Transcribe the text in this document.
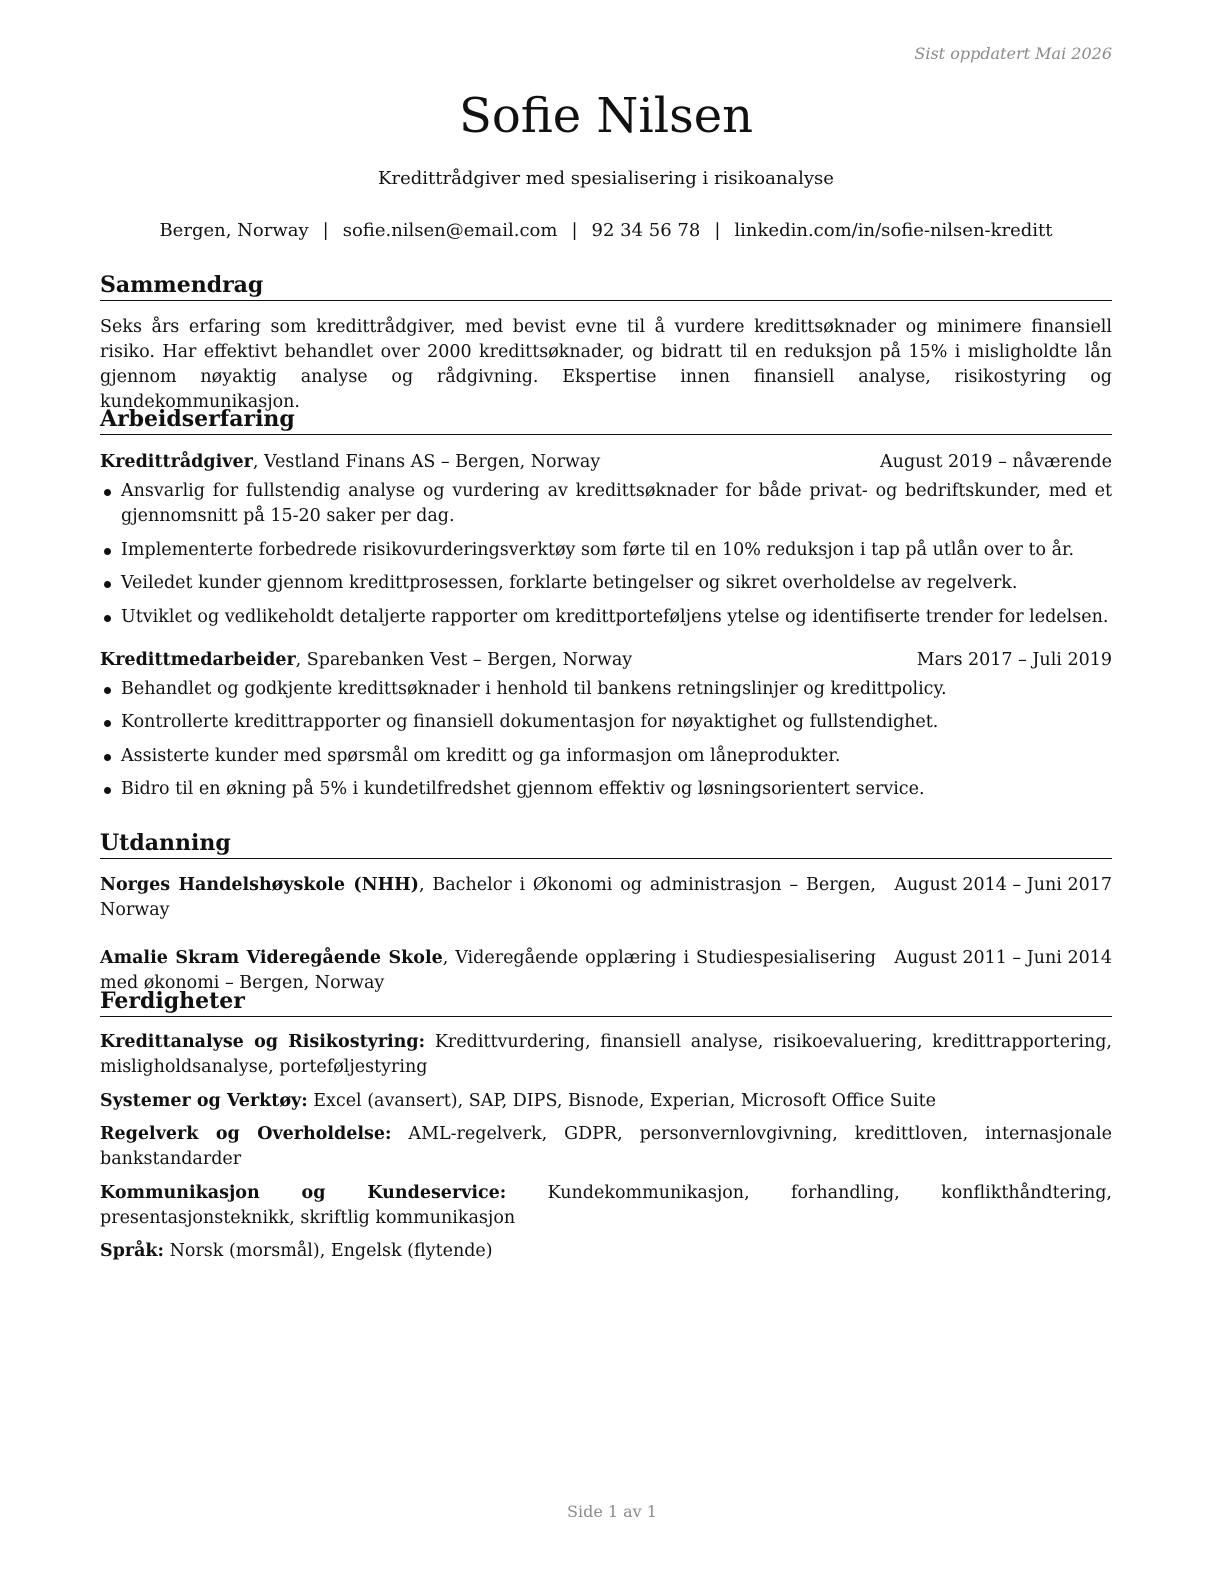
Sist oppdatert Mai 2026
Sofie Nilsen
Kredittrådgiver med spesialisering i risikoanalyse
Bergen, Norway | sofie.nilsen@email.com | 92 34 56 78 | linkedin.com/in/sofie-nilsen-kreditt
Sammendrag
Seks års erfaring som kredittrådgiver, med bevist evne til å vurdere kredittsøknader og minimere finansiell risiko. Har effektivt behandlet over 2000 kredittsøknader, og bidratt til en reduksjon på 15% i misligholdte lån gjennom nøyaktig analyse og rådgivning. Ekspertise innen finansiell analyse, risikostyring og kundekommunikasjon.
Arbeidserfaring
Kredittrådgiver, Vestland Finans AS – Bergen, Norway	August 2019 – nåværende
Ansvarlig for fullstendig analyse og vurdering av kredittsøknader for både privat- og bedriftskunder, med et gjennomsnitt på 15-20 saker per dag.
Implementerte forbedrede risikovurderingsverktøy som førte til en 10% reduksjon i tap på utlån over to år.
Veiledet kunder gjennom kredittprosessen, forklarte betingelser og sikret overholdelse av regelverk.
Utviklet og vedlikeholdt detaljerte rapporter om kredittporteføljens ytelse og identifiserte trender for ledelsen.
Kredittmedarbeider, Sparebanken Vest – Bergen, Norway	Mars 2017 – Juli 2019
Behandlet og godkjente kredittsøknader i henhold til bankens retningslinjer og kredittpolicy.
Kontrollerte kredittrapporter og finansiell dokumentasjon for nøyaktighet og fullstendighet.
Assisterte kunder med spørsmål om kreditt og ga informasjon om låneprodukter.
Bidro til en økning på 5% i kundetilfredshet gjennom effektiv og løsningsorientert service.
Utdanning
Norges Handelshøyskole (NHH), Bachelor i Økonomi og administrasjon – Bergen, Norway
August 2014 – Juni 2017
Amalie Skram Videregående Skole, Videregående opplæring i Studiespesialisering med økonomi – Bergen, Norway
August 2011 – Juni 2014
Ferdigheter
Kredittanalyse og Risikostyring: Kredittvurdering, finansiell analyse, risikoevaluering, kredittrapportering, misligholdsanalyse, porteføljestyring
Systemer og Verktøy: Excel (avansert), SAP, DIPS, Bisnode, Experian, Microsoft Office Suite
Regelverk og Overholdelse: AML-regelverk, GDPR, personvernlovgivning, kredittloven, internasjonale bankstandarder
Kommunikasjon og Kundeservice: Kundekommunikasjon, forhandling, konflikthåndtering, presentasjonsteknikk, skriftlig kommunikasjon
Språk: Norsk (morsmål), Engelsk (flytende)
Side 1 av 1
